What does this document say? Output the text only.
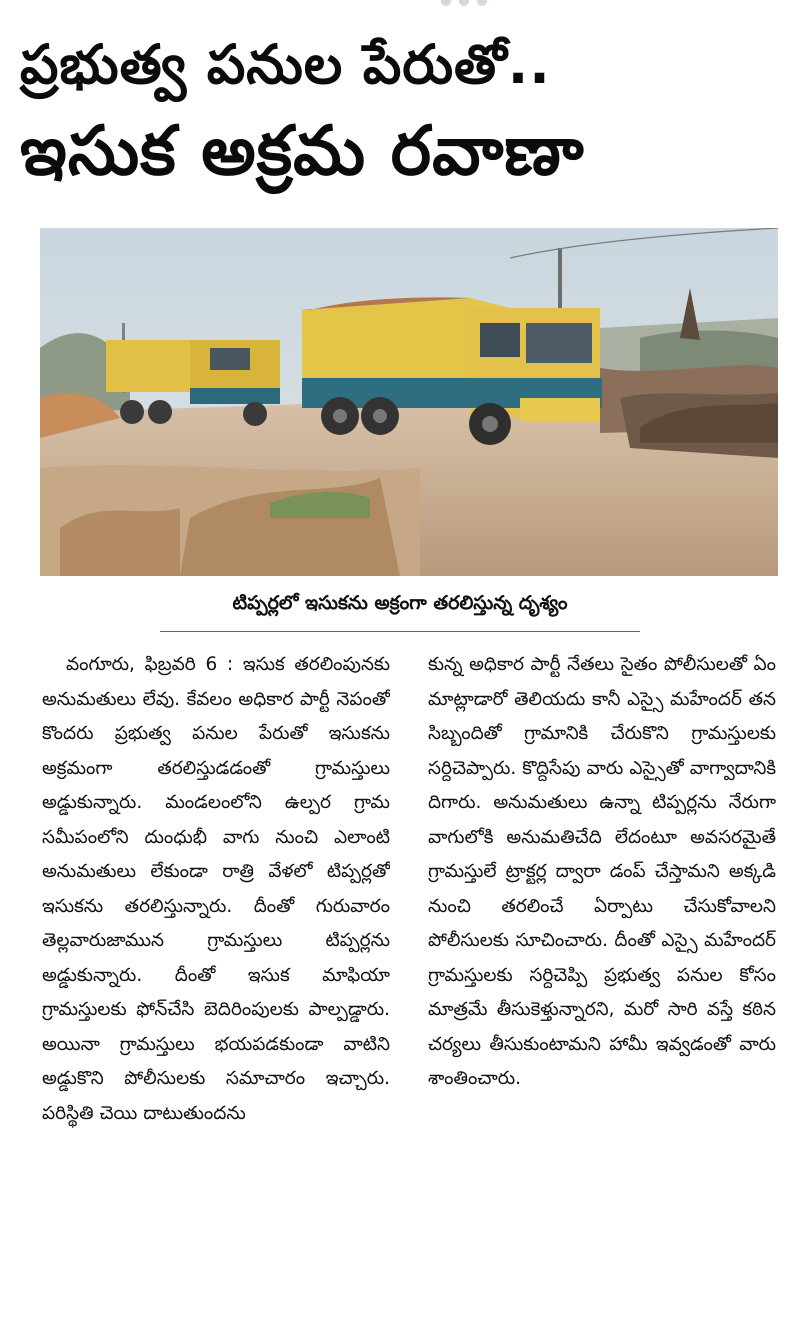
ప్రభుత్వ పనుల పేరుతో..
ఇసుక అక్రమ రవాణా
టిప్పర్లలో ఇసుకను అక్రంగా తరలిస్తున్న దృశ్యం

వంగూరు, ఫిబ్రవరి 6 : ఇసుక తరలింపునకు అనుమతులు లేవు. కేవలం అధికార పార్టీ నెపంతో కొందరు ప్రభుత్వ పనుల పేరుతో ఇసుకను అక్రమంగా తరలిస్తుడడంతో గ్రామస్తులు అడ్డుకున్నారు. మండలంలోని ఉల్పర గ్రామ సమీపంలోని దుంధుభీ వాగు నుంచి ఎలాంటి అనుమతులు లేకుండా రాత్రి వేళలో టిప్పర్లతో ఇసుకను తరలిస్తున్నారు. దీంతో గురువారం తెల్లవారుజామున గ్రామస్తులు టిప్పర్లను అడ్డుకున్నారు. దీంతో ఇసుక మాఫియా గ్రామస్తులకు ఫోన్‌చేసి బెదిరింపులకు పాల్పడ్డారు. అయినా గ్రామస్తులు భయపడకుండా వాటిని అడ్డుకొని పోలీసులకు సమాచారం ఇచ్చారు. పరిస్థితి చెయి దాటుతుందను

కున్న అధికార పార్టీ నేతలు సైతం పోలీసులతో ఏం మాట్లాడారో తెలియదు కానీ ఎస్సై మహేందర్ తన సిబ్బందితో గ్రామానికి చేరుకొని గ్రామస్తులకు సర్దిచెప్పారు. కొద్దిసేపు వారు ఎస్సైతో వాగ్వాదానికి దిగారు. అనుమతులు ఉన్నా టిప్పర్లను నేరుగా వాగులోకి అనుమతిచేది లేదంటూ అవసరమైతే గ్రామస్తులే ట్రాక్టర్ల ద్వారా డంప్ చేస్తామని అక్కడి నుంచి తరలించే ఏర్పాటు చేసుకోవాలని పోలీసులకు సూచించారు. దీంతో ఎస్సై మహేందర్ గ్రామస్తులకు సర్దిచెప్పి ప్రభుత్వ పనుల కోసం మాత్రమే తీసుకెళ్తున్నారని, మరో సారి వస్తే కఠిన చర్యలు తీసుకుంటామని హామీ ఇవ్వడంతో వారు శాంతించారు.
